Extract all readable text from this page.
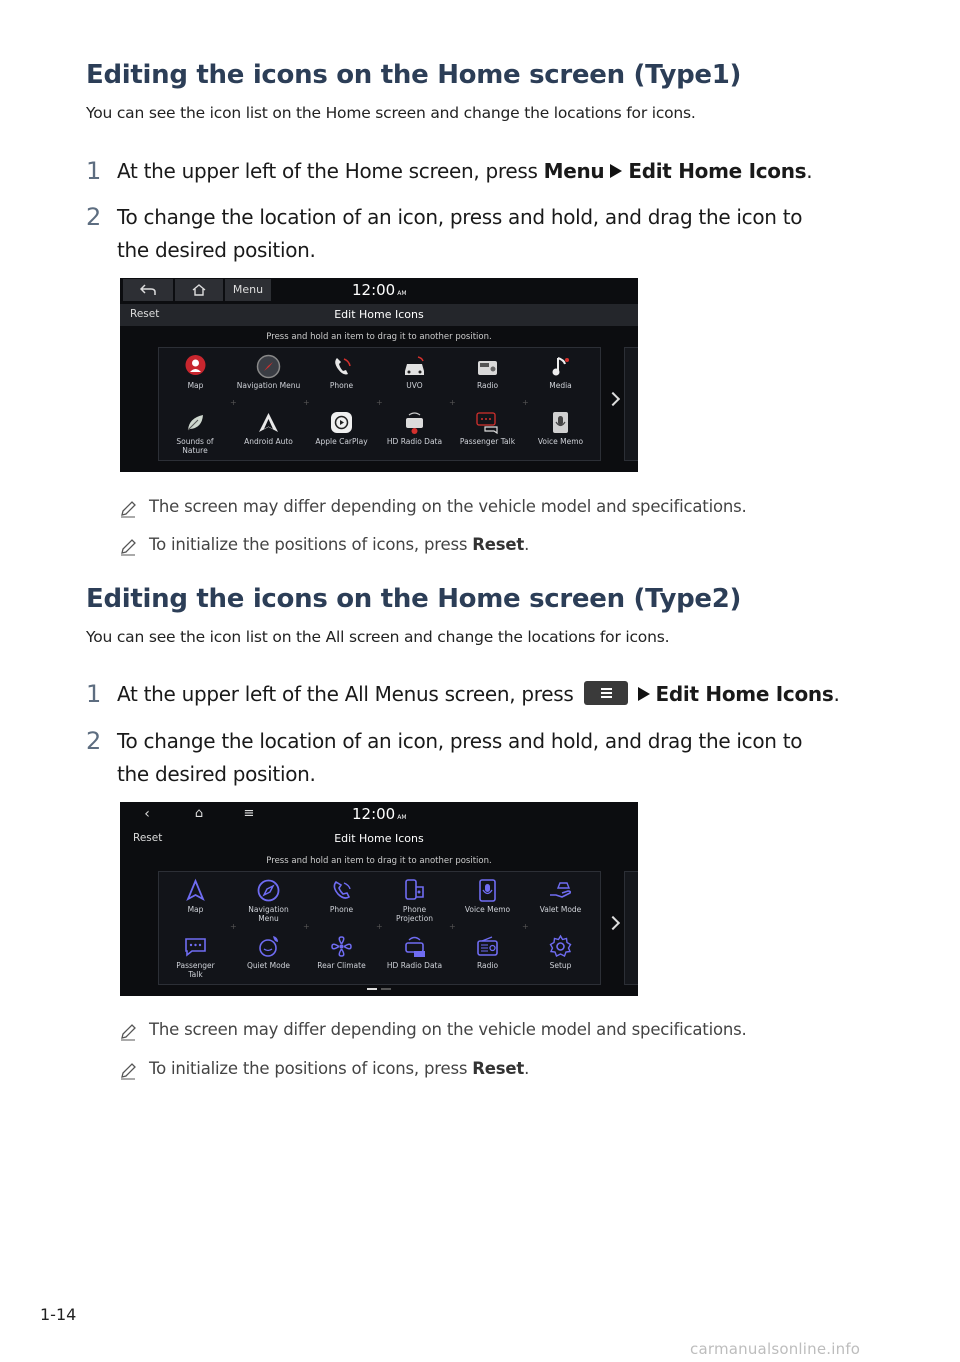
Editing the icons on the Home screen (Type1)
You can see the icon list on the Home screen and change the locations for icons.
1 At the upper left of the Home screen, press Menu Edit Home Icons.
2 To change the location of an icon, press and hold, and drag the icon to
the desired position.
Menu	12:00 AM
Edit Home Icons
Reset
Press and hold an item to drag it to another position.
Map	Navigation Menu	Phone	UVO	Radio	Media
Sounds of Nature
Android Auto	Apple CarPlay	HD Radio Data	Passenger Talk	Voice Memo
+	+	+	+	+
The screen may differ depending on the vehicle model and specifications.
To initialize the positions of icons, press Reset.
Editing the icons on the Home screen (Type2)
You can see the icon list on the All screen and change the locations for icons.
1 At the upper left of the All Menus screen, press	Edit Home Icons.
2 To change the location of an icon, press and hold, and drag the icon to
the desired position.
‹	⌂	≡	12:00 AM
Edit Home Icons
Reset
Press and hold an item to drag it to another position.
Map	Navigation
Menu
Phone	Phone
Projection
Voice Memo	Valet Mode
Passenger
Talk
Quiet Mode	Rear Climate	HD Radio Data	Radio	Setup
+	+	+	+	+
The screen may differ depending on the vehicle model and specifications.
To initialize the positions of icons, press Reset.
1-14
carmanualsonline.info
